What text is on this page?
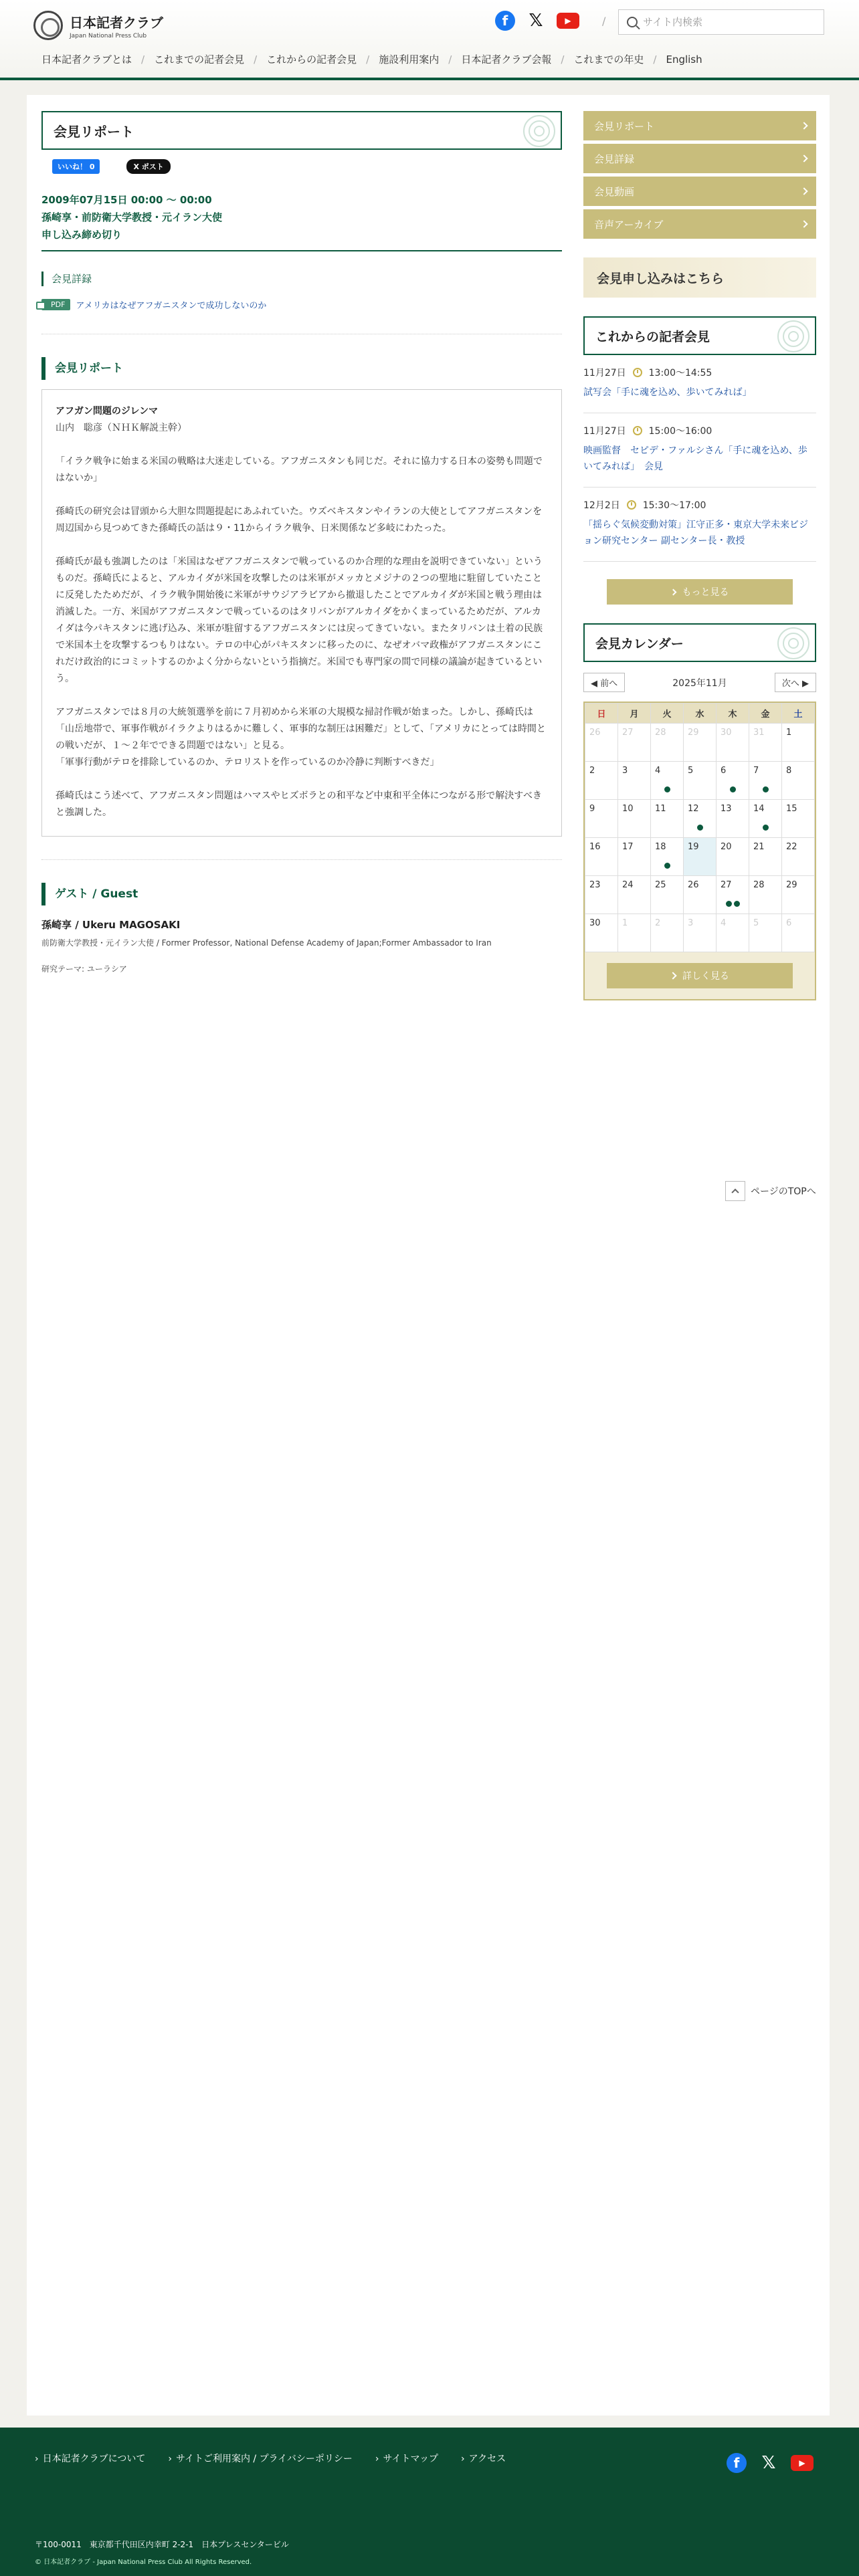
日本記者クラブ
Japan National Press Club
f	𝕏	▶	/
サイト内検索
日本記者クラブとは / これまでの記者会見 / これからの記者会見 / 施設利用案内 / 日本記者クラブ会報 / これまでの年史 / English
会見リポート
いいね！ 0	X ポスト
2009年07月15日 00:00 〜 00:00
孫崎享・前防衛大学教授・元イラン大使
申し込み締め切り
会見詳録
PDF	アメリカはなぜアフガニスタンで成功しないのか
会見リポート
アフガン問題のジレンマ
山内　聡彦（ＮＨＫ解説主幹）

「イラク戦争に始まる米国の戦略は大迷走している。アフガニスタンも同じだ。それに協力する日本の姿勢も問題ではないか」

孫崎氏の研究会は冒頭から大胆な問題提起にあふれていた。ウズベキスタンやイランの大使としてアフガニスタンを周辺国から見つめてきた孫崎氏の話は９・11からイラク戦争、日米関係など多岐にわたった。

孫崎氏が最も強調したのは「米国はなぜアフガニスタンで戦っているのか合理的な理由を説明できていない」というものだ。孫崎氏によると、アルカイダが米国を攻撃したのは米軍がメッカとメジナの２つの聖地に駐留していたことに反発したためだが、イラク戦争開始後に米軍がサウジアラビアから撤退したことでアルカイダが米国と戦う理由は消滅した。一方、米国がアフガニスタンで戦っているのはタリバンがアルカイダをかくまっているためだが、アルカイダは今パキスタンに逃げ込み、米軍が駐留するアフガニスタンには戻ってきていない。またタリバンは土着の民族で米国本土を攻撃するつもりはない。テロの中心がパキスタンに移ったのに、なぜオバマ政権がアフガニスタンにこれだけ政治的にコミットするのかよく分からないという指摘だ。米国でも専門家の間で同様の議論が起きているという。

アフガニスタンでは８月の大統領選挙を前に７月初めから米軍の大規模な掃討作戦が始まった。しかし、孫崎氏は「山岳地帯で、軍事作戦がイラクよりはるかに難しく、軍事的な制圧は困難だ」として、「アメリカにとっては時間との戦いだが、１～２年でできる問題ではない」と見る。

「軍事行動がテロを排除しているのか、テロリストを作っているのか冷静に判断すべきだ」

孫崎氏はこう述べて、アフガニスタン問題はハマスやヒズボラとの和平など中東和平全体につながる形で解決すべきと強調した。

ゲスト / Guest
孫崎享 / Ukeru MAGOSAKI
前防衛大学教授・元イラン大使 / Former Professor, National Defense Academy of Japan;Former Ambassador to Iran
研究テーマ: ユーラシア
会見リポート
会見詳録
会見動画
音声アーカイブ
会見申し込みはこちら
これからの記者会見
11月27日 13:00〜14:55
試写会「手に魂を込め、歩いてみれば」
11月27日 15:00〜16:00
映画監督　セピデ・ファルシさん「手に魂を込め、歩いてみれば」　会見
12月2日 15:30〜17:00
「揺らぐ気候変動対策」江守正多・東京大学未来ビジョン研究センター 副センター長・教授
もっと見る
会見カレンダー
◀ 前へ	2025年11月	次へ ▶
日	月	火	水	木	金	土
26	27	28	29	30	31	1
2	3	4	5	6	7	8
9	10	11	12	13	14	15
16	17	18	19	20	21	22
23	24	25	26	27	28	29
30	1	2	3	4	5	6
詳しく見る
ページのTOPへ
› 日本記者クラブについて	› サイトご利用案内 / プライバシーポリシー	› サイトマップ	› アクセス	f	𝕏	▶
〒100-0011　東京都千代田区内幸町 2-2-1　日本プレスセンタービル
© 日本記者クラブ - Japan National Press Club All Rights Reserved.
